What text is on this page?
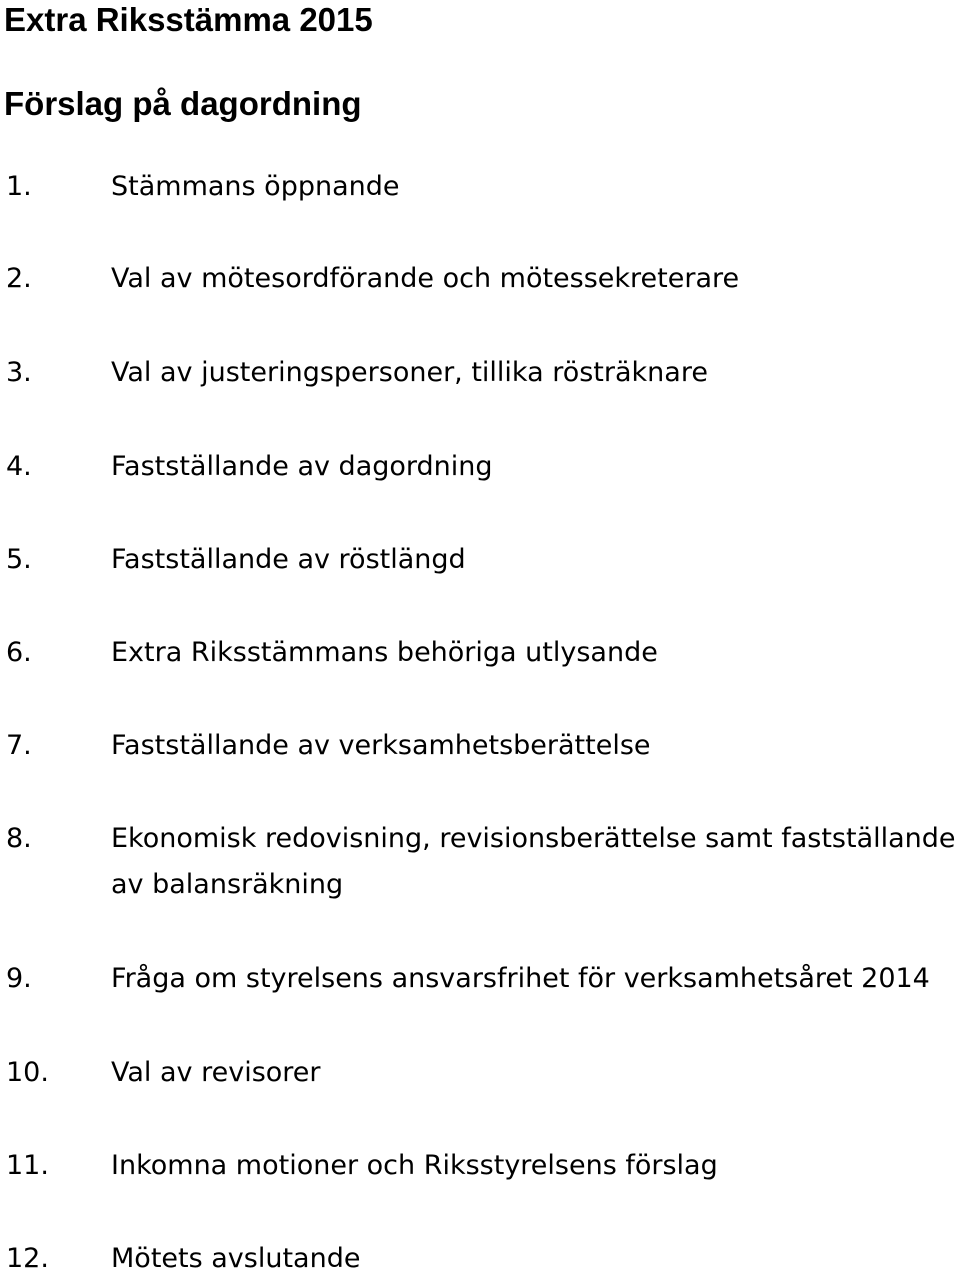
Extra Riksstämma 2015
Förslag på dagordning
1.	Stämmans öppnande
2.	Val av mötesordförande och mötessekreterare
3.	Val av justeringspersoner, tillika rösträknare
4.	Fastställande av dagordning
5.	Fastställande av röstlängd
6.	Extra Riksstämmans behöriga utlysande
7.	Fastställande av verksamhetsberättelse
8.	Ekonomisk redovisning, revisionsberättelse samt fastställande av balansräkning
9.	Fråga om styrelsens ansvarsfrihet för verksamhetsåret 2014
10. Val av revisorer
11. Inkomna motioner och Riksstyrelsens förslag
12. Mötets avslutande
